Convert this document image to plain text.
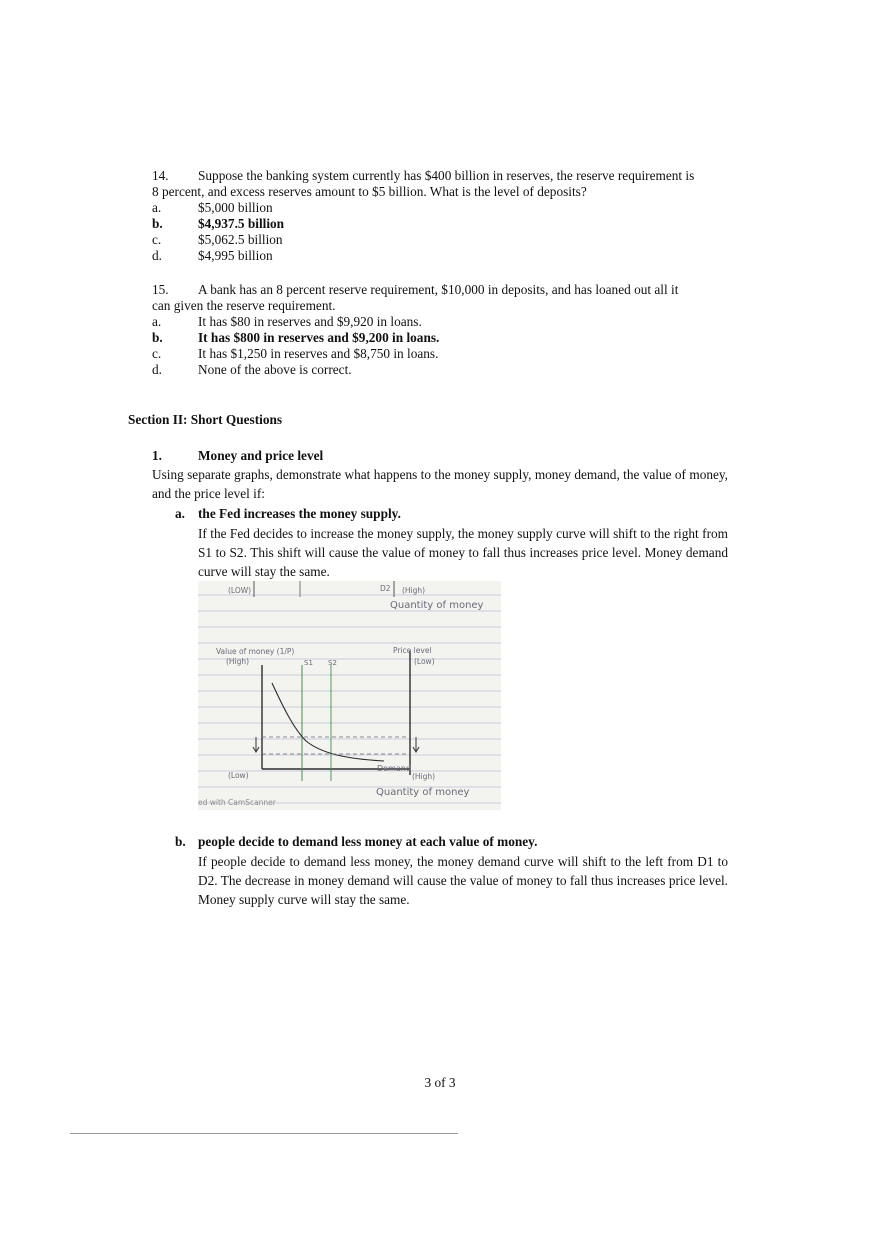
14. Suppose the banking system currently has $400 billion in reserves, the reserve requirement is
8 percent, and excess reserves amount to $5 billion. What is the level of deposits?
a.	$5,000 billion
b.	$4,937.5 billion
c.	$5,062.5 billion
d.	$4,995 billion
15. A bank has an 8 percent reserve requirement, $10,000 in deposits, and has loaned out all it
can given the reserve requirement.
a.	It has $80 in reserves and $9,920 in loans.
b.	It has $800 in reserves and $9,200 in loans.
c.	It has $1,250 in reserves and $8,750 in loans.
d.	None of the above is correct.
Section II: Short Questions
1.	Money and price level
Using separate graphs, demonstrate what happens to the money supply, money demand, the value of money, and the price level if:
a. the Fed increases the money supply.
If the Fed decides to increase the money supply, the money supply curve will shift to the right from S1 to S2. This shift will cause the value of money to fall thus increases price level. Money demand curve will stay the same.
(LOW)	D2 (High)
Quantity of money
Value of money (1/P)
(High)	S1 S2
Price level
(Low)
Demand
(Low)	(High)
Quantity of money
ed with CamScanner
b. people decide to demand less money at each value of money.
If people decide to demand less money, the money demand curve will shift to the left from D1 to D2. The decrease in money demand will cause the value of money to fall thus increases price level. Money supply curve will stay the same.
3 of 3
